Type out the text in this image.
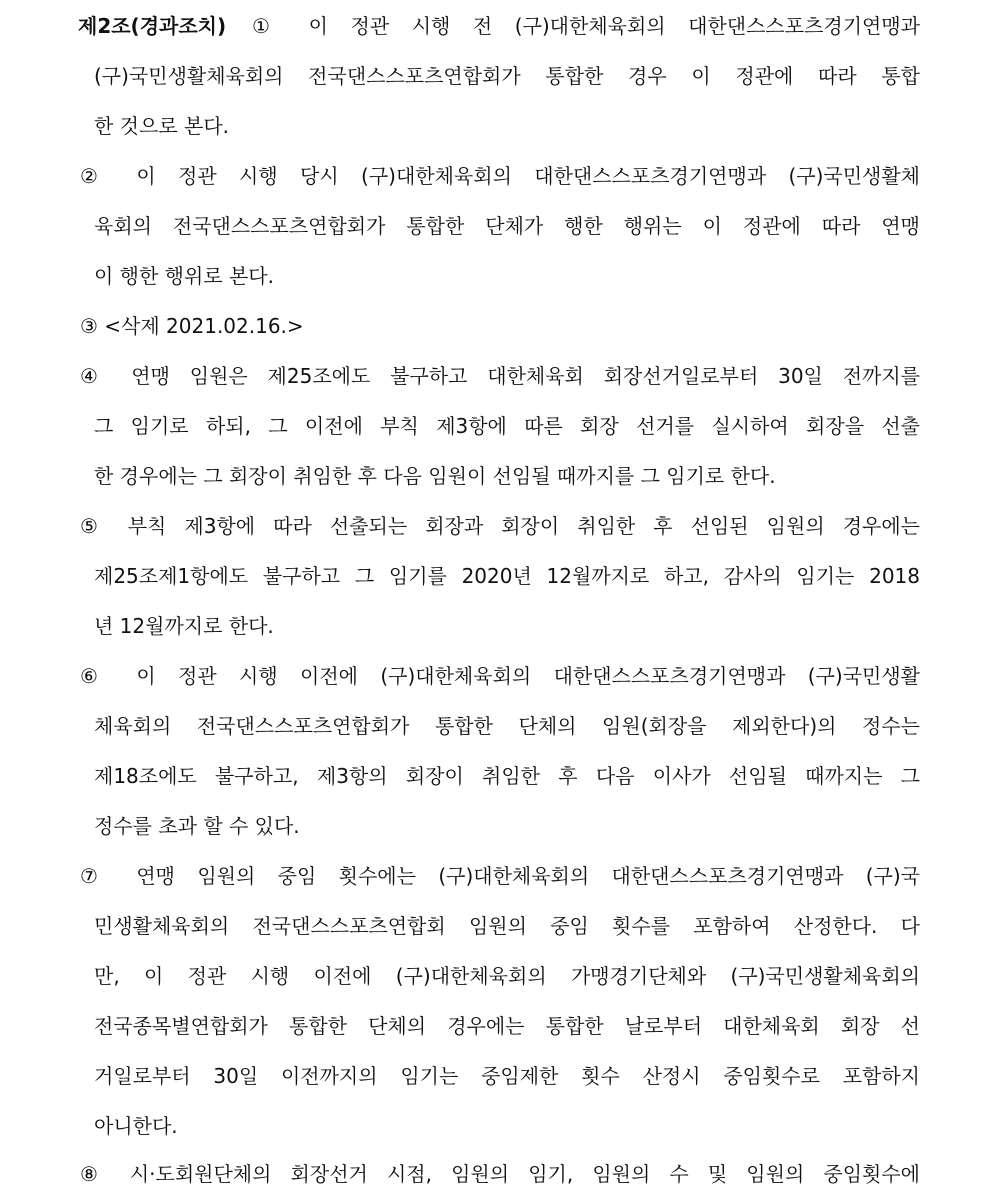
제2조(경과조치)	① 이 정관 시행 전 (구)대한체육회의 대한댄스스포츠경기연맹과
(구)국민생활체육회의 전국댄스스포츠연합회가 통합한 경우 이 정관에 따라 통합
한 것으로 본다.
② 이 정관 시행 당시 (구)대한체육회의 대한댄스스포츠경기연맹과 (구)국민생활체
육회의 전국댄스스포츠연합회가 통합한 단체가 행한 행위는 이 정관에 따라 연맹
이 행한 행위로 본다.
③ <삭제 2021.02.16.>
④ 연맹 임원은 제25조에도 불구하고 대한체육회 회장선거일로부터 30일 전까지를
그 임기로 하되, 그 이전에 부칙 제3항에 따른 회장 선거를 실시하여 회장을 선출
한 경우에는 그 회장이 취임한 후 다음 임원이 선임될 때까지를 그 임기로 한다.
⑤ 부칙 제3항에 따라 선출되는 회장과 회장이 취임한 후 선임된 임원의 경우에는
제25조제1항에도 불구하고 그 임기를 2020년 12월까지로 하고, 감사의 임기는 2018
년 12월까지로 한다.
⑥ 이 정관 시행 이전에 (구)대한체육회의 대한댄스스포츠경기연맹과 (구)국민생활
체육회의 전국댄스스포츠연합회가 통합한 단체의 임원(회장을 제외한다)의 정수는
제18조에도 불구하고, 제3항의 회장이 취임한 후 다음 이사가 선임될 때까지는 그
정수를 초과 할 수 있다.
⑦ 연맹 임원의 중임 횟수에는 (구)대한체육회의 대한댄스스포츠경기연맹과 (구)국
민생활체육회의 전국댄스스포츠연합회 임원의 중임 횟수를 포함하여 산정한다. 다
만, 이 정관 시행 이전에 (구)대한체육회의 가맹경기단체와 (구)국민생활체육회의
전국종목별연합회가 통합한 단체의 경우에는 통합한 날로부터 대한체육회 회장 선
거일로부터 30일 이전까지의 임기는 중임제한 횟수 산정시 중임횟수로 포함하지
아니한다.
⑧ 시·도회원단체의 회장선거 시점, 임원의 임기, 임원의 수 및 임원의 중임횟수에
